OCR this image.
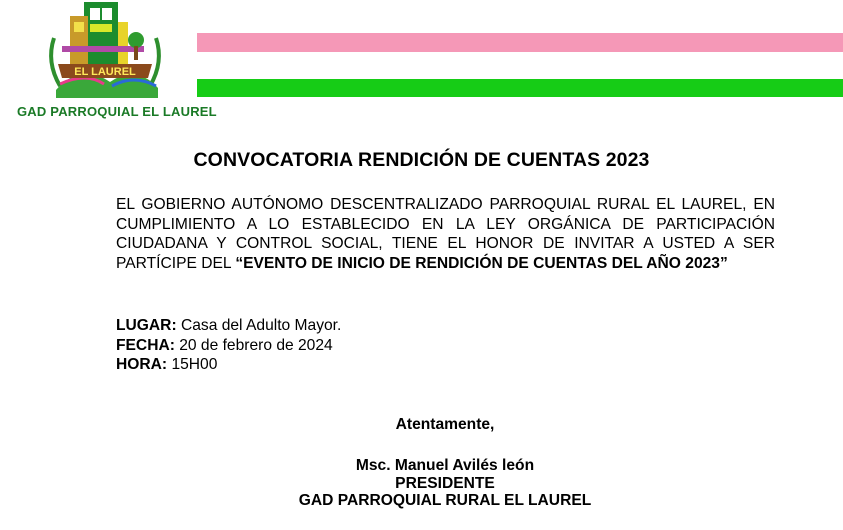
EL LAUREL
GAD PARROQUIAL EL LAUREL
CONVOCATORIA RENDICIÓN DE CUENTAS 2023
EL GOBIERNO AUTÓNOMO DESCENTRALIZADO PARROQUIAL RURAL EL LAUREL, EN CUMPLIMIENTO A LO ESTABLECIDO EN LA LEY ORGÁNICA DE PARTICIPACIÓN CIUDADANA Y CONTROL SOCIAL, TIENE EL HONOR DE INVITAR A USTED A SER PARTÍCIPE DEL “EVENTO DE INICIO DE RENDICIÓN DE CUENTAS DEL AÑO 2023”
LUGAR: Casa del Adulto Mayor.
FECHA: 20 de febrero de 2024
HORA: 15H00
Atentamente,
Msc. Manuel Avilés león
PRESIDENTE
GAD PARROQUIAL RURAL EL LAUREL
